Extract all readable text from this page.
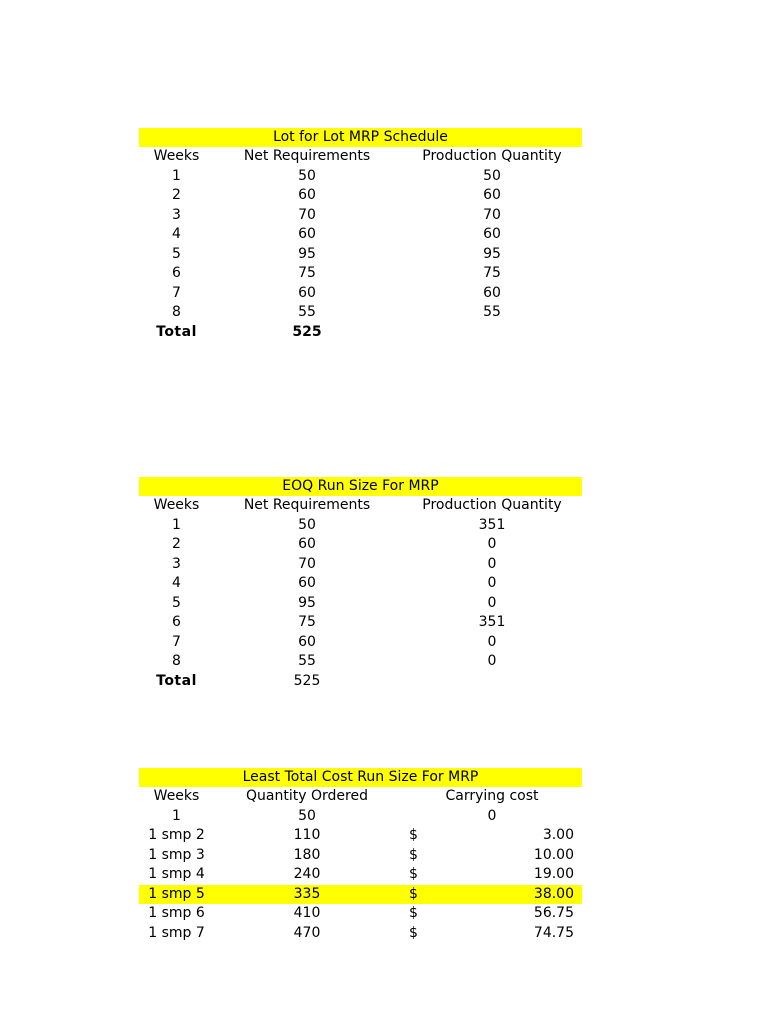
Lot for Lot MRP Schedule
Weeks	Net Requirements	Production Quantity
1	50	50
2	60	60
3	70	70
4	60	60
5	95	95
6	75	75
7	60	60
8	55	55
Total	525
EOQ Run Size For MRP
Weeks	Net Requirements	Production Quantity
1	50	351
2	60	0
3	70	0
4	60	0
5	95	0
6	75	351
7	60	0
8	55	0
Total	525
Least Total Cost Run Size For MRP
Weeks	Quantity Ordered	Carrying cost
1	50	0
1 smp 2	110	$	3.00
1 smp 3	180	$	10.00
1 smp 4	240	$	19.00
1 smp 5	335	$	38.00
1 smp 6	410	$	56.75
1 smp 7	470	$	74.75
